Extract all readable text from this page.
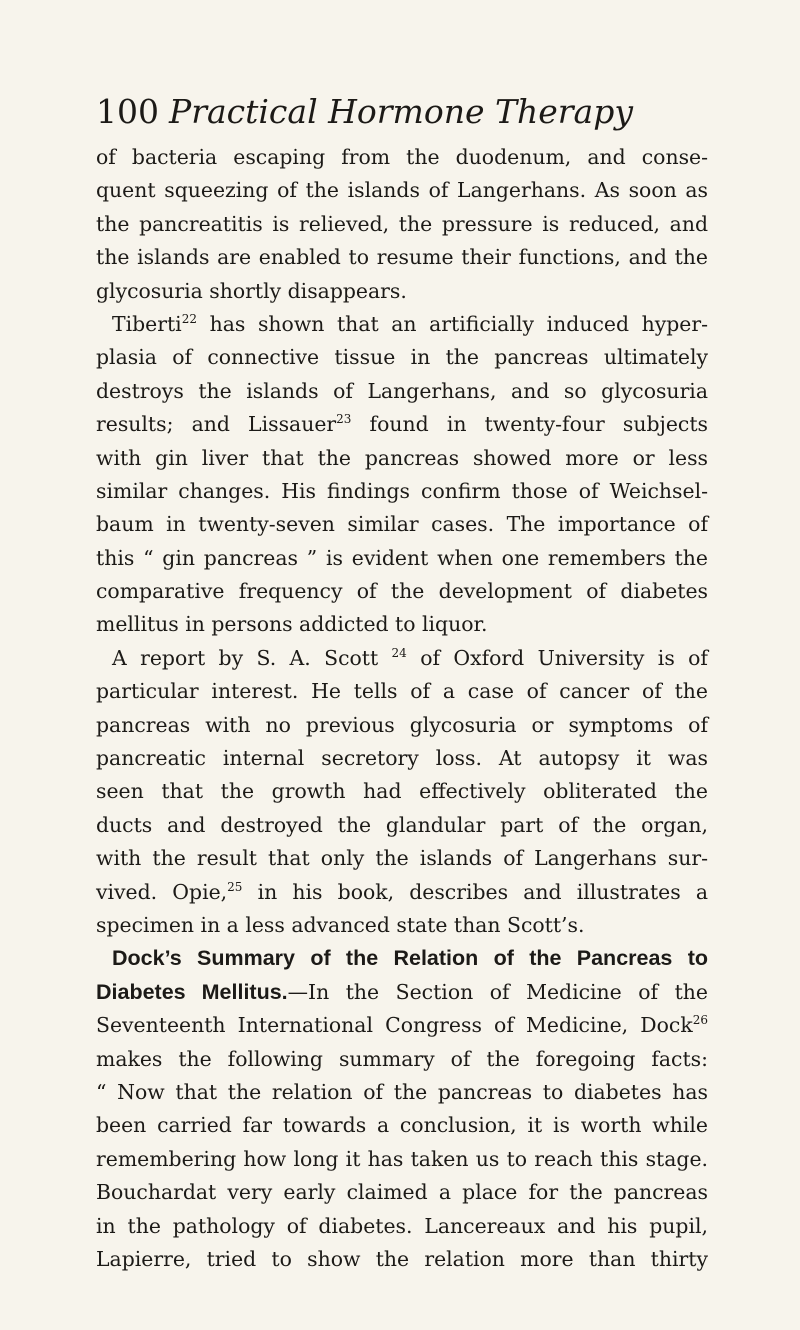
100 Practical Hormone Therapy
of bacteria escaping from the duodenum, and conse-
quent squeezing of the islands of Langerhans. As soon as
the pancreatitis is relieved, the pressure is reduced, and
the islands are enabled to resume their functions, and the
glycosuria shortly disappears.
Tiberti$^{22}$ has shown that an artificially induced hyper-
plasia of connective tissue in the pancreas ultimately
destroys the islands of Langerhans, and so glycosuria
results; and Lissauer$^{23}$ found in twenty-four subjects
with gin liver that the pancreas showed more or less
similar changes. His findings confirm those of Weichsel-
baum in twenty-seven similar cases. The importance of
this “ gin pancreas ” is evident when one remembers the
comparative frequency of the development of diabetes
mellitus in persons addicted to liquor.
A report by S. A. Scott $^{24}$ of Oxford University is of
particular interest. He tells of a case of cancer of the
pancreas with no previous glycosuria or symptoms of
pancreatic internal secretory loss. At autopsy it was
seen that the growth had effectively obliterated the
ducts and destroyed the glandular part of the organ,
with the result that only the islands of Langerhans sur-
vived. Opie,$^{25}$ in his book, describes and illustrates a
specimen in a less advanced state than Scott’s.
Dock’s Summary of the Relation of the Pancreas to
Diabetes Mellitus.—In the Section of Medicine of the
Seventeenth International Congress of Medicine, Dock$^{26}$
makes the following summary of the foregoing facts:
“ Now that the relation of the pancreas to diabetes has
been carried far towards a conclusion, it is worth while
remembering how long it has taken us to reach this stage.
Bouchardat very early claimed a place for the pancreas
in the pathology of diabetes. Lancereaux and his pupil,
Lapierre, tried to show the relation more than thirty
